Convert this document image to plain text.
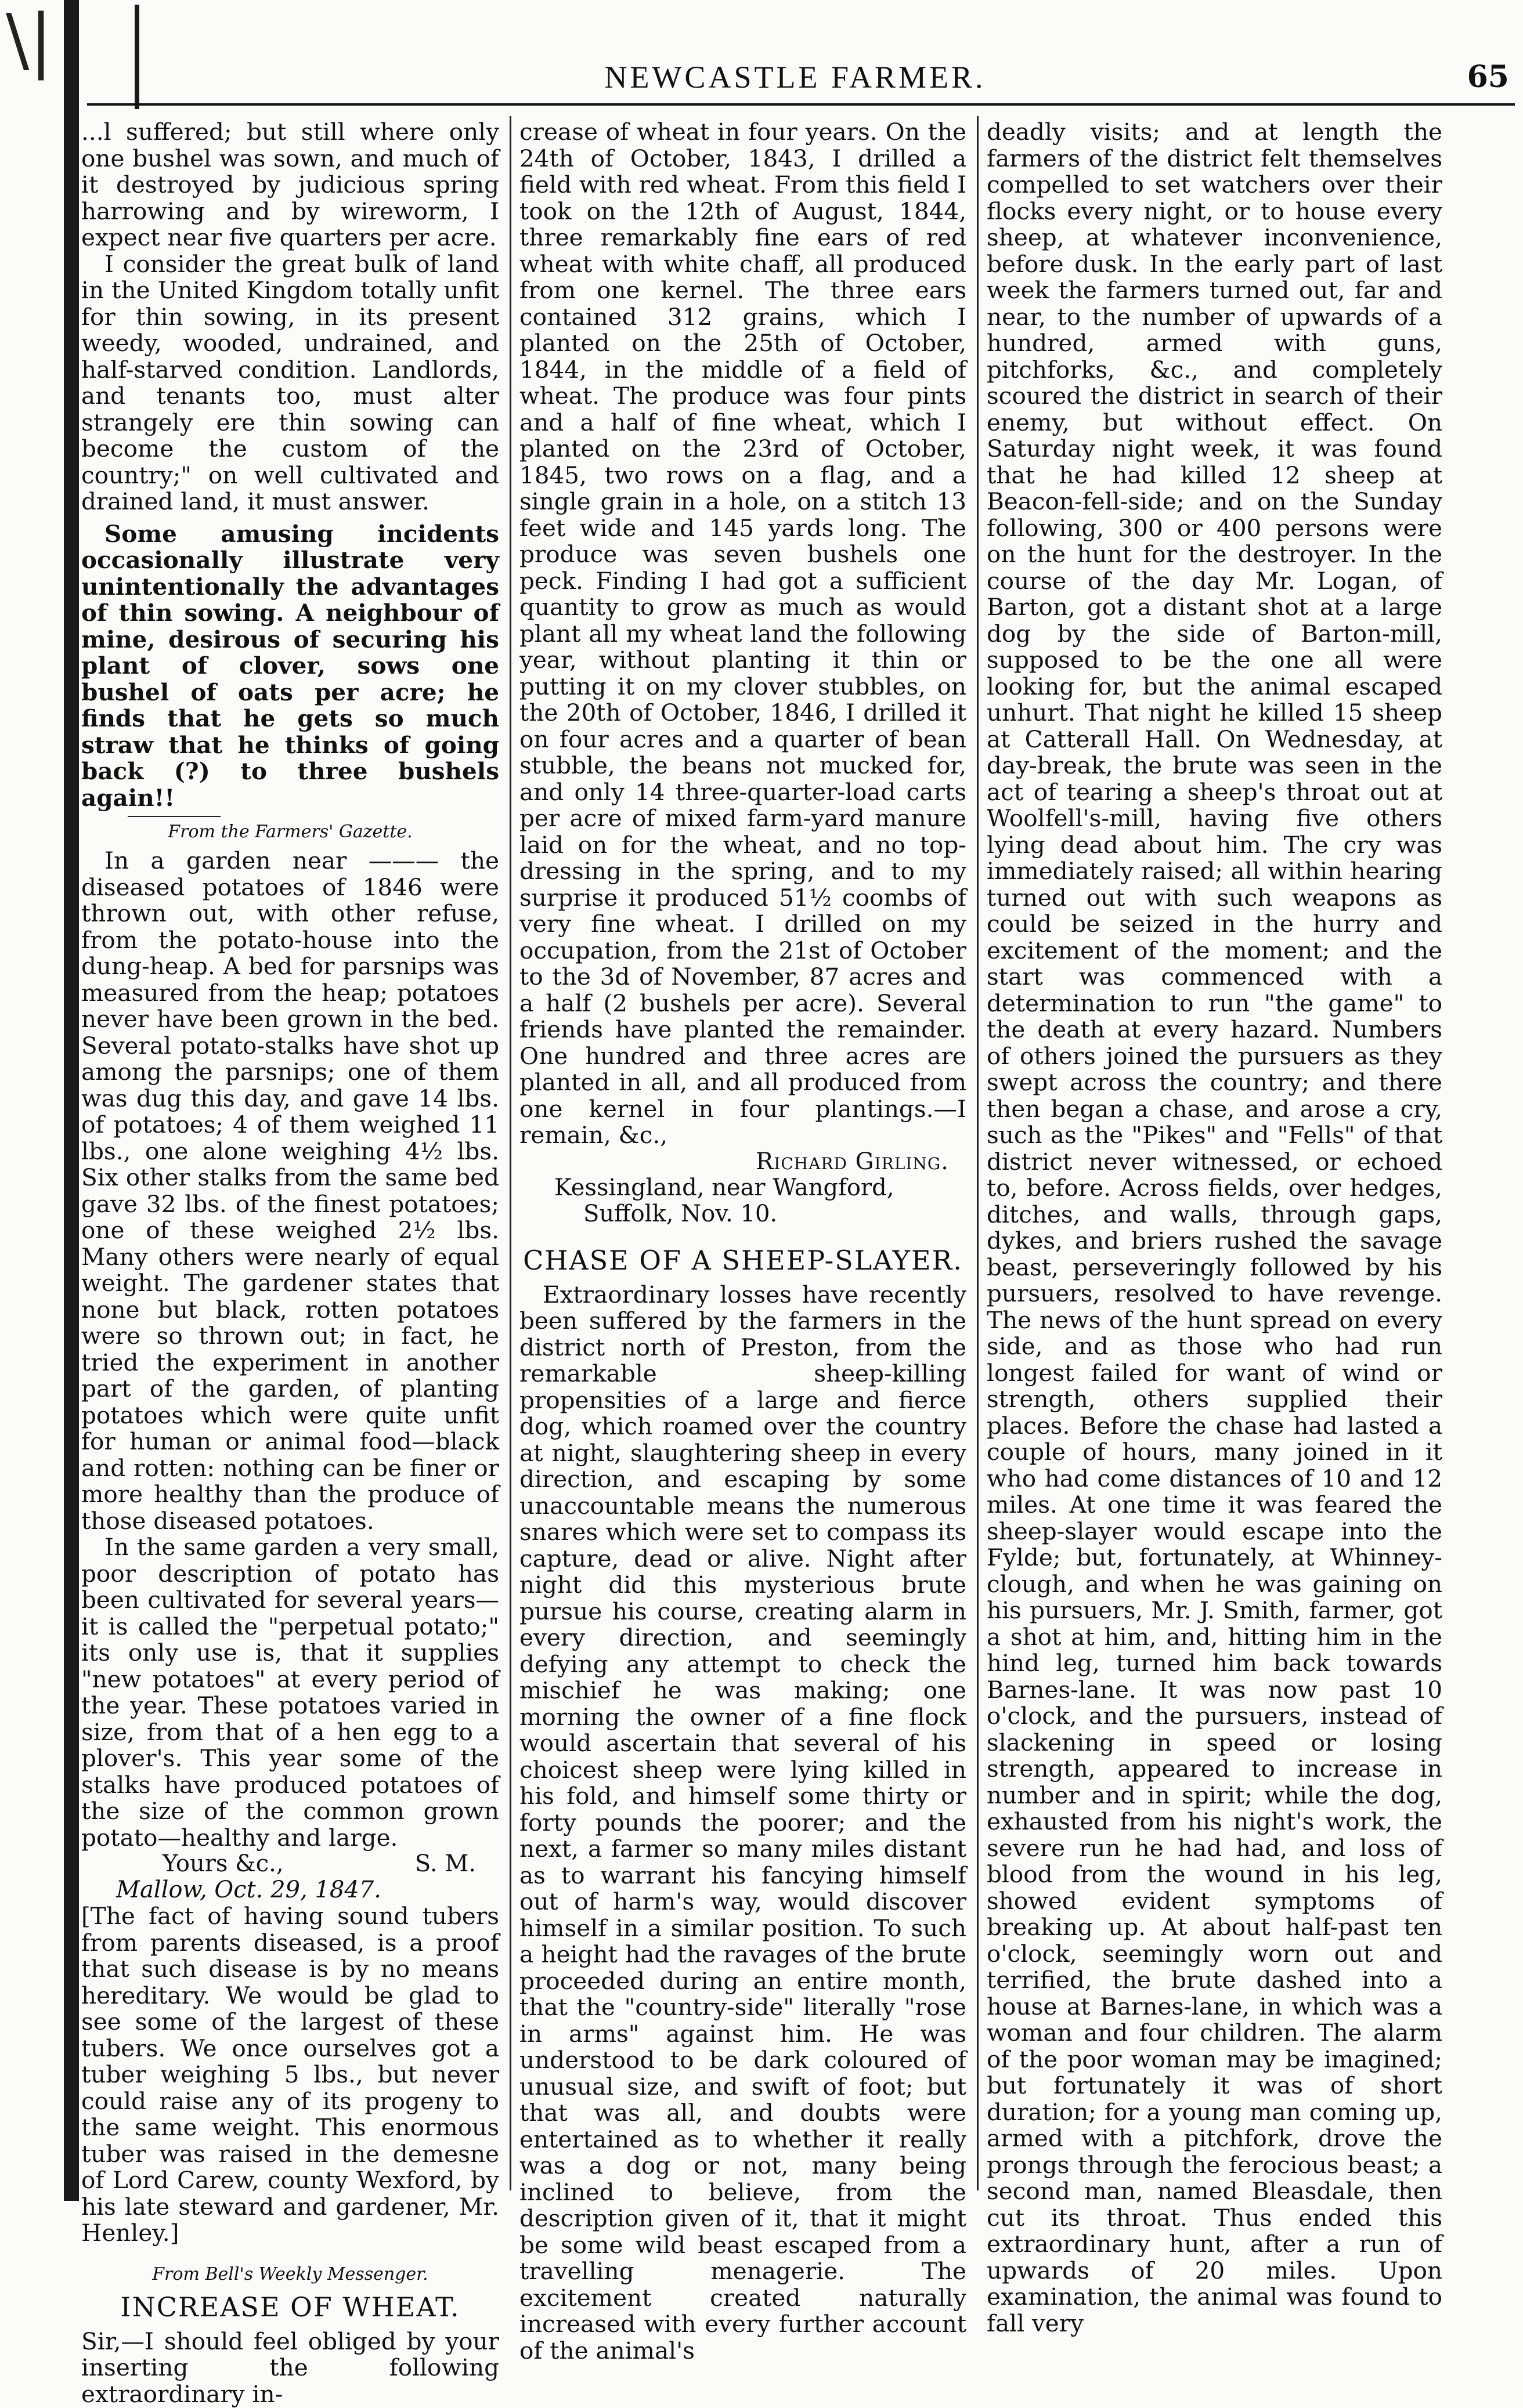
\|	NEWCASTLE FARMER.	65

...l suffered; but still where only one bushel was sown, and much of it destroyed by judicious spring harrowing and by wireworm, I expect near five quarters per acre.

I consider the great bulk of land in the United Kingdom totally unfit for thin sowing, in its present weedy, wooded, undrained, and half-starved condition. Landlords, and tenants too, must alter strangely ere thin sowing can become the custom of the country;" on well cultivated and drained land, it must answer.

Some amusing incidents occasionally illustrate very unintentionally the advantages of thin sowing. A neighbour of mine, desirous of securing his plant of clover, sows one bushel of oats per acre; he finds that he gets so much straw that he thinks of going back (?) to three bushels again!!

From the Farmers' Gazette.

In a garden near ——— the diseased potatoes of 1846 were thrown out, with other refuse, from the potato-house into the dung-heap. A bed for parsnips was measured from the heap; potatoes never have been grown in the bed. Several potato-stalks have shot up among the parsnips; one of them was dug this day, and gave 14 lbs. of potatoes; 4 of them weighed 11 lbs., one alone weighing 4½ lbs. Six other stalks from the same bed gave 32 lbs. of the finest potatoes; one of these weighed 2½ lbs. Many others were nearly of equal weight. The gardener states that none but black, rotten potatoes were so thrown out; in fact, he tried the experiment in another part of the garden, of planting potatoes which were quite unfit for human or animal food—black and rotten: nothing can be finer or more healthy than the produce of those diseased potatoes.

In the same garden a very small, poor description of potato has been cultivated for several years—it is called the "perpetual potato;" its only use is, that it supplies "new potatoes" at every period of the year. These potatoes varied in size, from that of a hen egg to a plover's. This year some of the stalks have produced potatoes of the size of the common grown potato—healthy and large.

Yours &c.,	S. M.
Mallow, Oct. 29, 1847.

[The fact of having sound tubers from parents diseased, is a proof that such disease is by no means hereditary. We would be glad to see some of the largest of these tubers. We once ourselves got a tuber weighing 5 lbs., but never could raise any of its progeny to the same weight. This enormous tuber was raised in the demesne of Lord Carew, county Wexford, by his late steward and gardener, Mr. Henley.]

From Bell's Weekly Messenger.
INCREASE OF WHEAT.

Sir,—I should feel obliged by your inserting the following extraordinary in-

crease of wheat in four years. On the 24th of October, 1843, I drilled a field with red wheat. From this field I took on the 12th of August, 1844, three remarkably fine ears of red wheat with white chaff, all produced from one kernel. The three ears contained 312 grains, which I planted on the 25th of October, 1844, in the middle of a field of wheat. The produce was four pints and a half of fine wheat, which I planted on the 23rd of October, 1845, two rows on a flag, and a single grain in a hole, on a stitch 13 feet wide and 145 yards long. The produce was seven bushels one peck. Finding I had got a sufficient quantity to grow as much as would plant all my wheat land the following year, without planting it thin or putting it on my clover stubbles, on the 20th of October, 1846, I drilled it on four acres and a quarter of bean stubble, the beans not mucked for, and only 14 three-quarter-load carts per acre of mixed farm-yard manure laid on for the wheat, and no top-dressing in the spring, and to my surprise it produced 51½ coombs of very fine wheat. I drilled on my occupation, from the 21st of October to the 3d of November, 87 acres and a half (2 bushels per acre). Several friends have planted the remainder. One hundred and three acres are planted in all, and all produced from one kernel in four plantings.—I remain, &c.,

Richard Girling.
Kessingland, near Wangford,
Suffolk, Nov. 10.
CHASE OF A SHEEP-SLAYER.

Extraordinary losses have recently been suffered by the farmers in the district north of Preston, from the remarkable sheep-killing propensities of a large and fierce dog, which roamed over the country at night, slaughtering sheep in every direction, and escaping by some unaccountable means the numerous snares which were set to compass its capture, dead or alive. Night after night did this mysterious brute pursue his course, creating alarm in every direction, and seemingly defying any attempt to check the mischief he was making; one morning the owner of a fine flock would ascertain that several of his choicest sheep were lying killed in his fold, and himself some thirty or forty pounds the poorer; and the next, a farmer so many miles distant as to warrant his fancying himself out of harm's way, would discover himself in a similar position. To such a height had the ravages of the brute proceeded during an entire month, that the "country-side" literally "rose in arms" against him. He was understood to be dark coloured of unusual size, and swift of foot; but that was all, and doubts were entertained as to whether it really was a dog or not, many being inclined to believe, from the description given of it, that it might be some wild beast escaped from a travelling menagerie. The excitement created naturally increased with every further account of the animal's

deadly visits; and at length the farmers of the district felt themselves compelled to set watchers over their flocks every night, or to house every sheep, at whatever inconvenience, before dusk. In the early part of last week the farmers turned out, far and near, to the number of upwards of a hundred, armed with guns, pitchforks, &c., and completely scoured the district in search of their enemy, but without effect. On Saturday night week, it was found that he had killed 12 sheep at Beacon-fell-side; and on the Sunday following, 300 or 400 persons were on the hunt for the destroyer. In the course of the day Mr. Logan, of Barton, got a distant shot at a large dog by the side of Barton-mill, supposed to be the one all were looking for, but the animal escaped unhurt. That night he killed 15 sheep at Catterall Hall. On Wednesday, at day-break, the brute was seen in the act of tearing a sheep's throat out at Woolfell's-mill, having five others lying dead about him. The cry was immediately raised; all within hearing turned out with such weapons as could be seized in the hurry and excitement of the moment; and the start was commenced with a determination to run "the game" to the death at every hazard. Numbers of others joined the pursuers as they swept across the country; and there then began a chase, and arose a cry, such as the "Pikes" and "Fells" of that district never witnessed, or echoed to, before. Across fields, over hedges, ditches, and walls, through gaps, dykes, and briers rushed the savage beast, perseveringly followed by his pursuers, resolved to have revenge. The news of the hunt spread on every side, and as those who had run longest failed for want of wind or strength, others supplied their places. Before the chase had lasted a couple of hours, many joined in it who had come distances of 10 and 12 miles. At one time it was feared the sheep-slayer would escape into the Fylde; but, fortunately, at Whinney-clough, and when he was gaining on his pursuers, Mr. J. Smith, farmer, got a shot at him, and, hitting him in the hind leg, turned him back towards Barnes-lane. It was now past 10 o'clock, and the pursuers, instead of slackening in speed or losing strength, appeared to increase in number and in spirit; while the dog, exhausted from his night's work, the severe run he had had, and loss of blood from the wound in his leg, showed evident symptoms of breaking up. At about half-past ten o'clock, seemingly worn out and terrified, the brute dashed into a house at Barnes-lane, in which was a woman and four children. The alarm of the poor woman may be imagined; but fortunately it was of short duration; for a young man coming up, armed with a pitchfork, drove the prongs through the ferocious beast; a second man, named Bleasdale, then cut its throat. Thus ended this extraordinary hunt, after a run of upwards of 20 miles. Upon examination, the animal was found to fall very
